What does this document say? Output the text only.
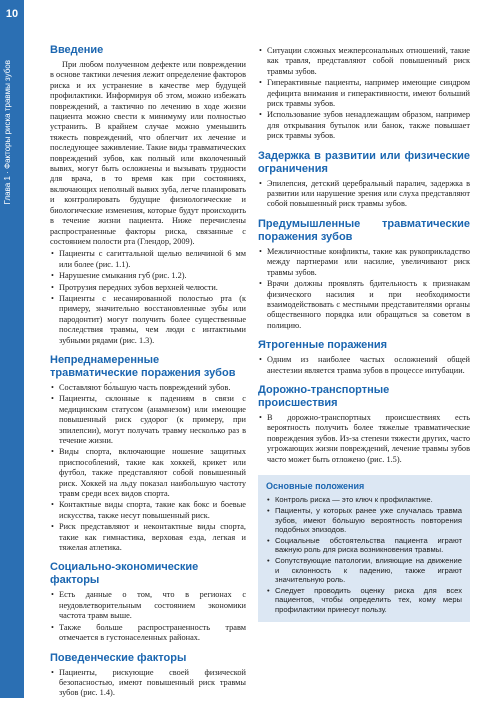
10
Глава 1 · Факторы риска травмы зубов
Введение

При любом полученном дефекте или повреждении в основе тактики лечения лежит определение факторов риска и их устранение в качестве мер будущей профилактики. Информируя об этом, можно избежать повреждений, а тактично по лечению в ходе жизни пациента можно свести к минимуму или полностью устранить. В крайнем случае можно уменьшить тяжесть повреждений, что облегчит их лечение и последующее заживление. Такие виды травматических повреждений зубов, как полный или вколоченный вывих, могут быть осложнены и вызывать трудности для врача, в то время как при состояниях, включающих неполный вывих зуба, легче планировать и контролировать будущие физиологические и биологические изменения, которые будут происходить в течение жизни пациента. Ниже перечислены распространенные факторы риска, связанные с состоянием полости рта (Глендор, 2009).

• Пациенты с сагиттальной щелью величиной 6 мм или более (рис. 1.1).
• Нарушение смыкания губ (рис. 1.2).
• Протрузия передних зубов верхней челюсти.
• Пациенты с несанированной полостью рта (к примеру, значительно восстановленные зубы или пародонтит) могут получить более существенные последствия травмы, чем люди с интактными зубными рядами (рис. 1.3).
Непреднамеренные травматические поражения зубов
• Составляют бо́льшую часть повреждений зубов.
• Пациенты, склонные к падениям в связи с медицинским статусом (анамнезом) или имеющие повышенный риск судорог (к примеру, при эпилепсии), могут получать травму несколько раз в течение жизни.
• Виды спорта, включающие ношение защитных приспособлений, такие как хоккей, крикет или футбол, также представляют собой повышенный риск. Хоккей на льду показал наибольшую частоту травм среди всех видов спорта.
• Контактные виды спорта, такие как бокс и боевые искусства, также несут повышенный риск.
• Риск представляют и неконтактные виды спорта, такие как гимнастика, верховая езда, легкая и тяжелая атлетика.
Социально-экономические факторы
• Есть данные о том, что в регионах с неудовлетворительным состоянием экономики частота травм выше.
• Также больше распространенность травм отмечается в густонаселенных районах.
Поведенческие факторы
• Пациенты, рискующие своей физической безопасностью, имеют повышенный риск травмы зубов (рис. 1.4).
• Ситуации сложных межперсональных отношений, такие как травля, представляют собой повышенный риск травмы зубов.
• Гиперактивные пациенты, например имеющие синдром дефицита внимания и гиперактивности, имеют больший риск травмы зубов.
• Использование зубов ненадлежащим образом, например для открывания бутылок или банок, также повышает риск травмы зубов.
Задержка в развитии или физические ограничения
• Эпилепсия, детский церебральный паралич, задержка в развитии или нарушение зрения или слуха представляют собой повышенный риск травмы зубов.
Предумышленные травматические поражения зубов
• Межличностные конфликты, такие как рукоприкладство между партнерами или насилие, увеличивают риск травмы зубов.
• Врачи должны проявлять бдительность к признакам физического насилия и при необходимости взаимодействовать с местными представителями органы общественного порядка или обращаться за советом в полицию.
Ятрогенные поражения
• Одним из наиболее частых осложнений общей анестезии является травма зубов в процессе интубации.
Дорожно-транспортные происшествия
• В дорожно-транспортных происшествиях есть вероятность получить более тяжелые травматические повреждения зубов. Из-за степени тяжести других, часто угрожающих жизни повреждений, лечение травмы зубов часто может быть отложено (рис. 1.5).
Основные положения
• Контроль риска — это ключ к профилактике.
• Пациенты, у которых ранее уже случалась травма зубов, имеют бо́льшую вероятность повторения подобных эпизодов.
• Социальные обстоятельства пациента играют важную роль для риска возникновения травмы.
• Сопутствующие патологии, влияющие на движение и склонность к падению, также играют значительную роль.
• Следует проводить оценку риска для всех пациентов, чтобы определить тех, кому меры профилактики принесут пользу.
